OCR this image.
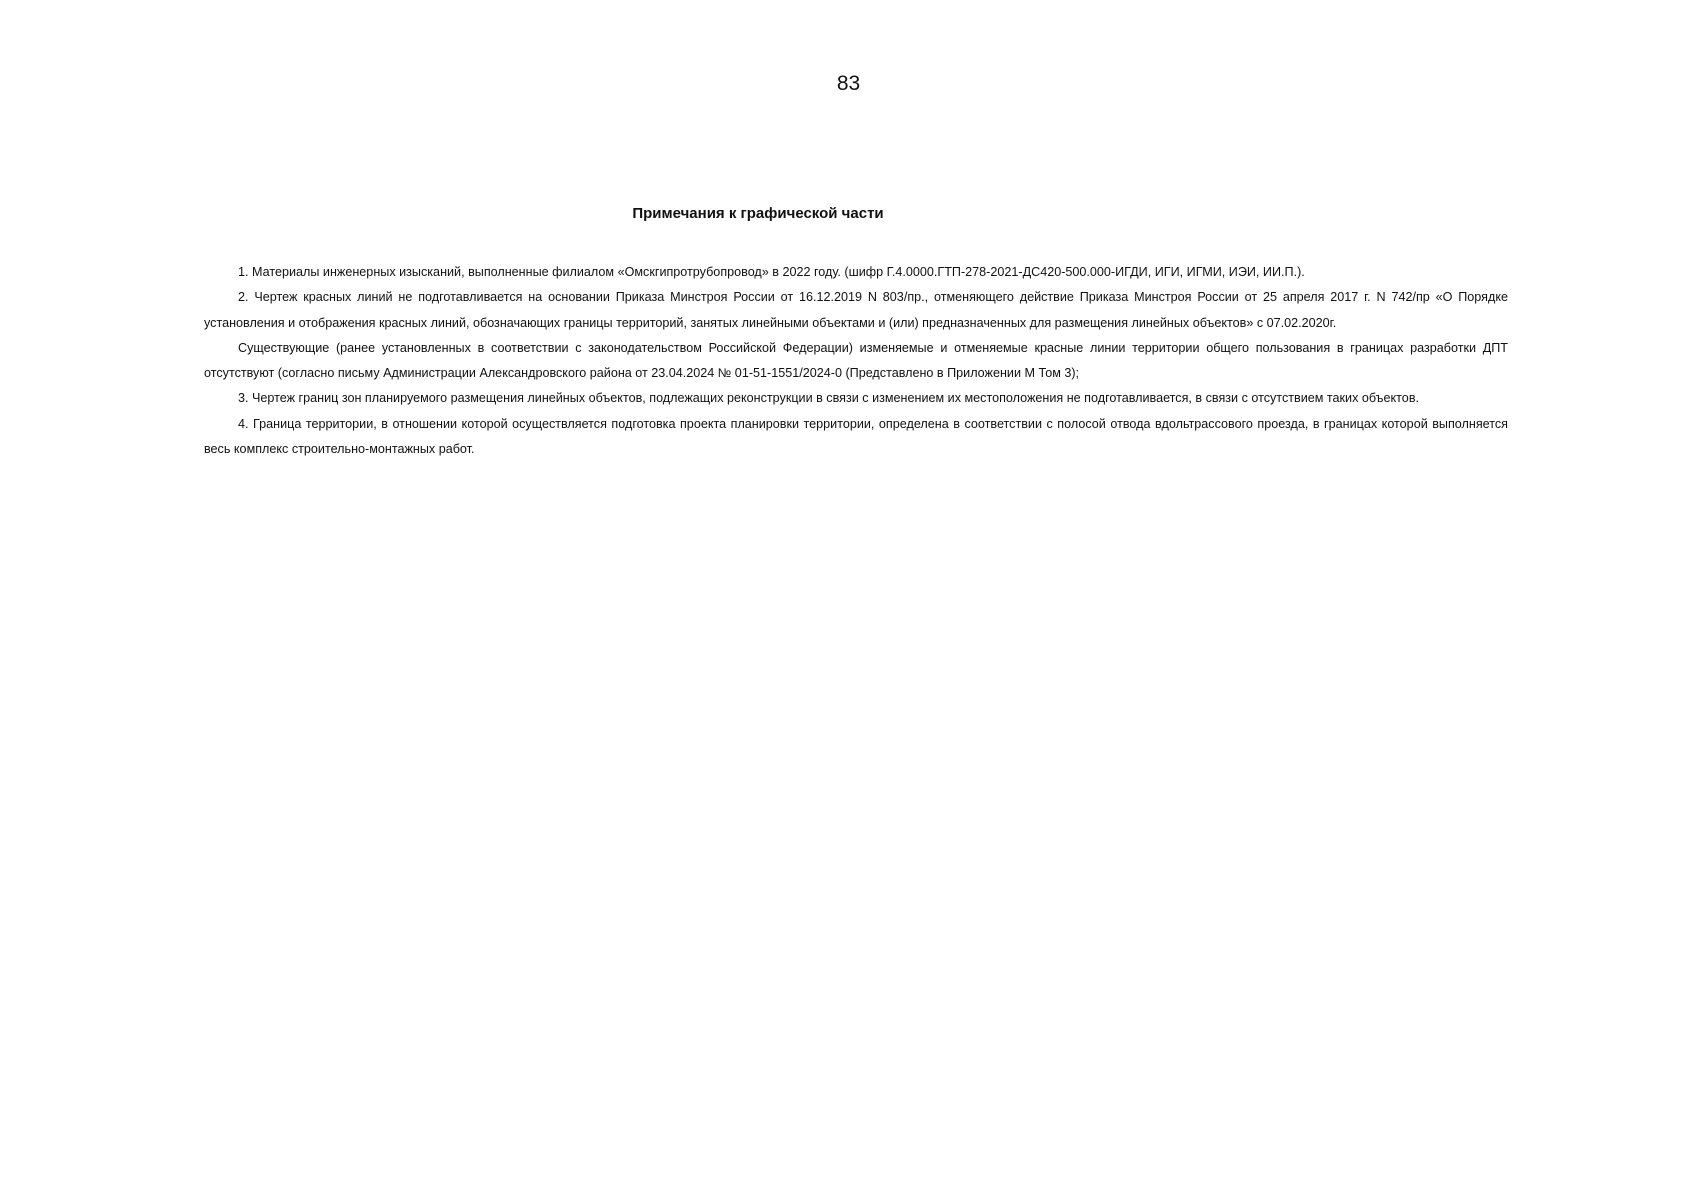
83
Примечания к графической части

1. Материалы инженерных изысканий, выполненные филиалом «Омскгипротрубопровод» в 2022 году. (шифр Г.4.0000.ГТП-278-2021-ДС420-500.000-ИГДИ, ИГИ, ИГМИ, ИЭИ, ИИ.П.).

2. Чертеж красных линий не подготавливается на основании Приказа Минстроя России от 16.12.2019 N 803/пр., отменяющего действие Приказа Минстроя России от 25 апреля 2017 г. N 742/пр «О Порядке установления и отображения красных линий, обозначающих границы территорий, занятых линейными объектами и (или) предназначенных для размещения линейных объектов» с 07.02.2020г.

Существующие (ранее установленных в соответствии с законодательством Российской Федерации) изменяемые и отменяемые красные линии территории общего пользования в границах разработки ДПТ отсутствуют (согласно письму Администрации Александровского района от 23.04.2024 № 01-51-1551/2024-0 (Представлено в Приложении М Том 3);

3. Чертеж границ зон планируемого размещения линейных объектов, подлежащих реконструкции в связи с изменением их местоположения не подготавливается, в связи с отсутствием таких объектов.

4. Граница территории, в отношении которой осуществляется подготовка проекта планировки территории, определена в соответствии с полосой отвода вдольтрассового проезда, в границах которой выполняется весь комплекс строительно-монтажных работ.
